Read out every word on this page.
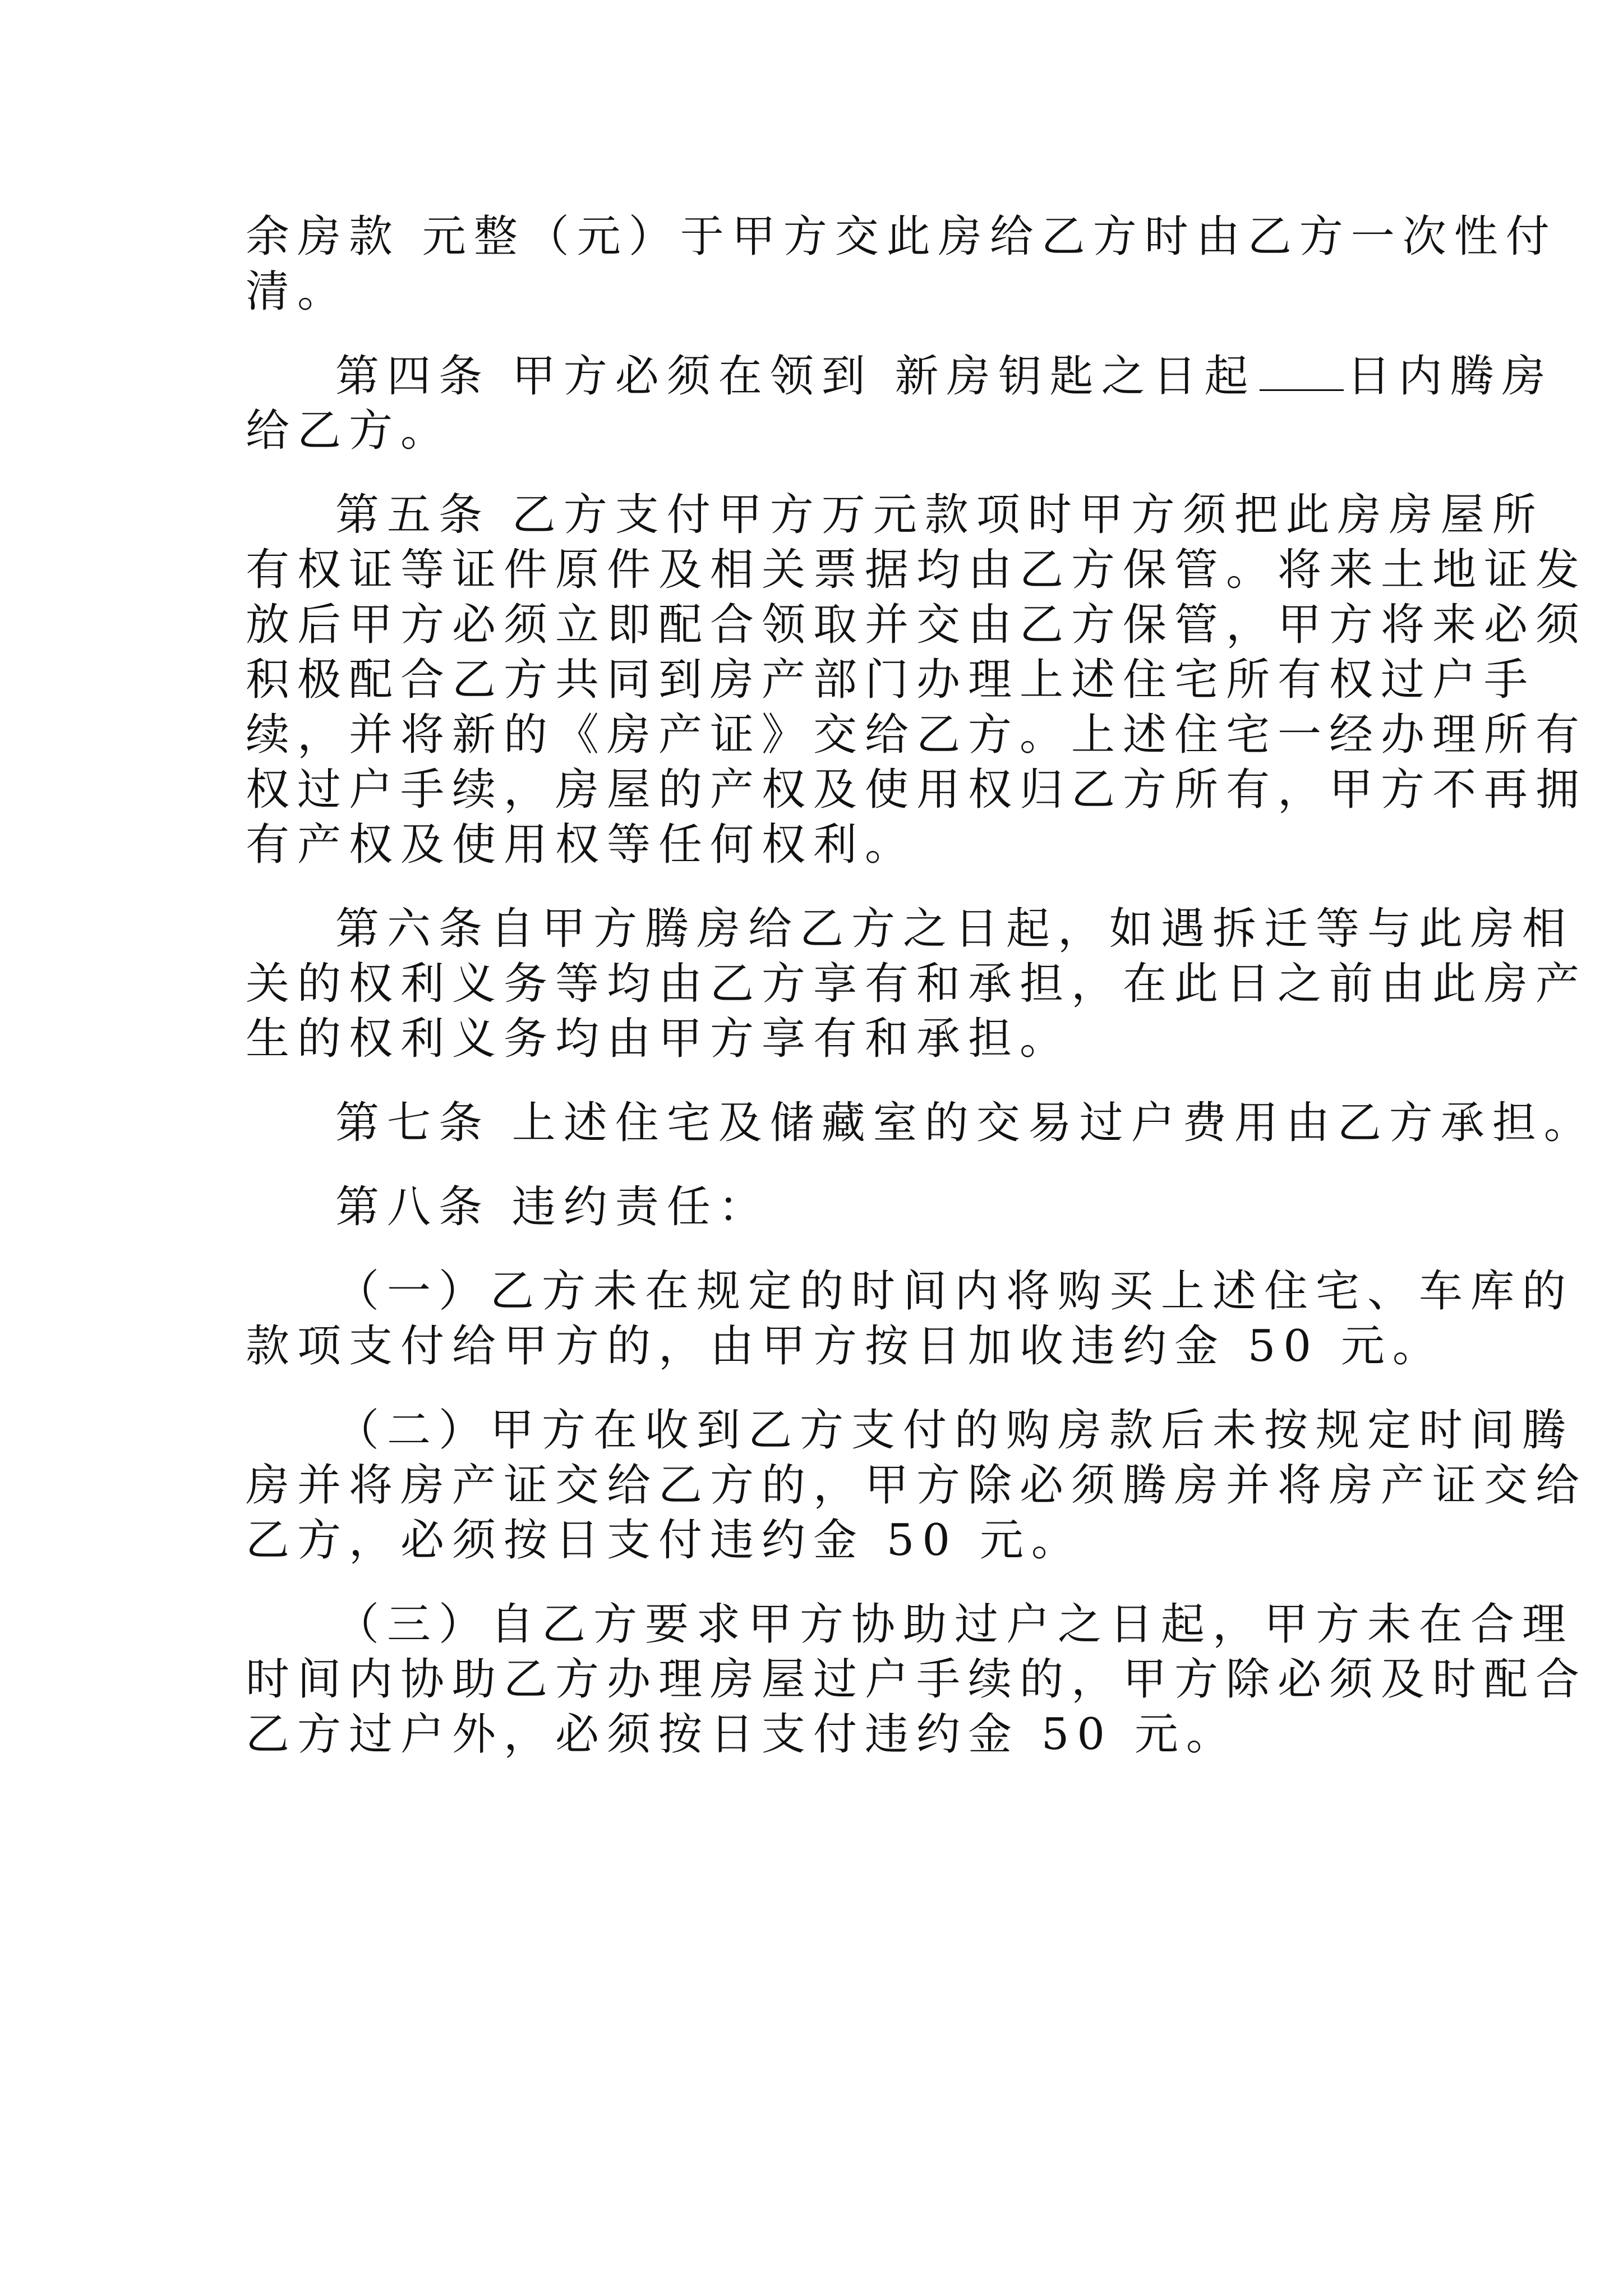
余房款 元整（元）于甲方交此房给乙方时由乙方一次性付
清。
第四条 甲方必须在领到 新房钥匙之日起 日内腾房
给乙方。
第五条 乙方支付甲方万元款项时甲方须把此房房屋所
有权证等证件原件及相关票据均由乙方保管。将来土地证发
放后甲方必须立即配合领取并交由乙方保管，甲方将来必须
积极配合乙方共同到房产部门办理上述住宅所有权过户手
续，并将新的《房产证》交给乙方。上述住宅一经办理所有
权过户手续，房屋的产权及使用权归乙方所有，甲方不再拥
有产权及使用权等任何权利。
第六条自甲方腾房给乙方之日起，如遇拆迁等与此房相
关的权利义务等均由乙方享有和承担，在此日之前由此房产
生的权利义务均由甲方享有和承担。
第七条 上述住宅及储藏室的交易过户费用由乙方承担。
第八条 违约责任：
（一）乙方未在规定的时间内将购买上述住宅、车库的
款项支付给甲方的，由甲方按日加收违约金 50 元。
（二）甲方在收到乙方支付的购房款后未按规定时间腾
房并将房产证交给乙方的，甲方除必须腾房并将房产证交给
乙方，必须按日支付违约金 50 元。
（三）自乙方要求甲方协助过户之日起，甲方未在合理
时间内协助乙方办理房屋过户手续的，甲方除必须及时配合
乙方过户外，必须按日支付违约金 50 元。
